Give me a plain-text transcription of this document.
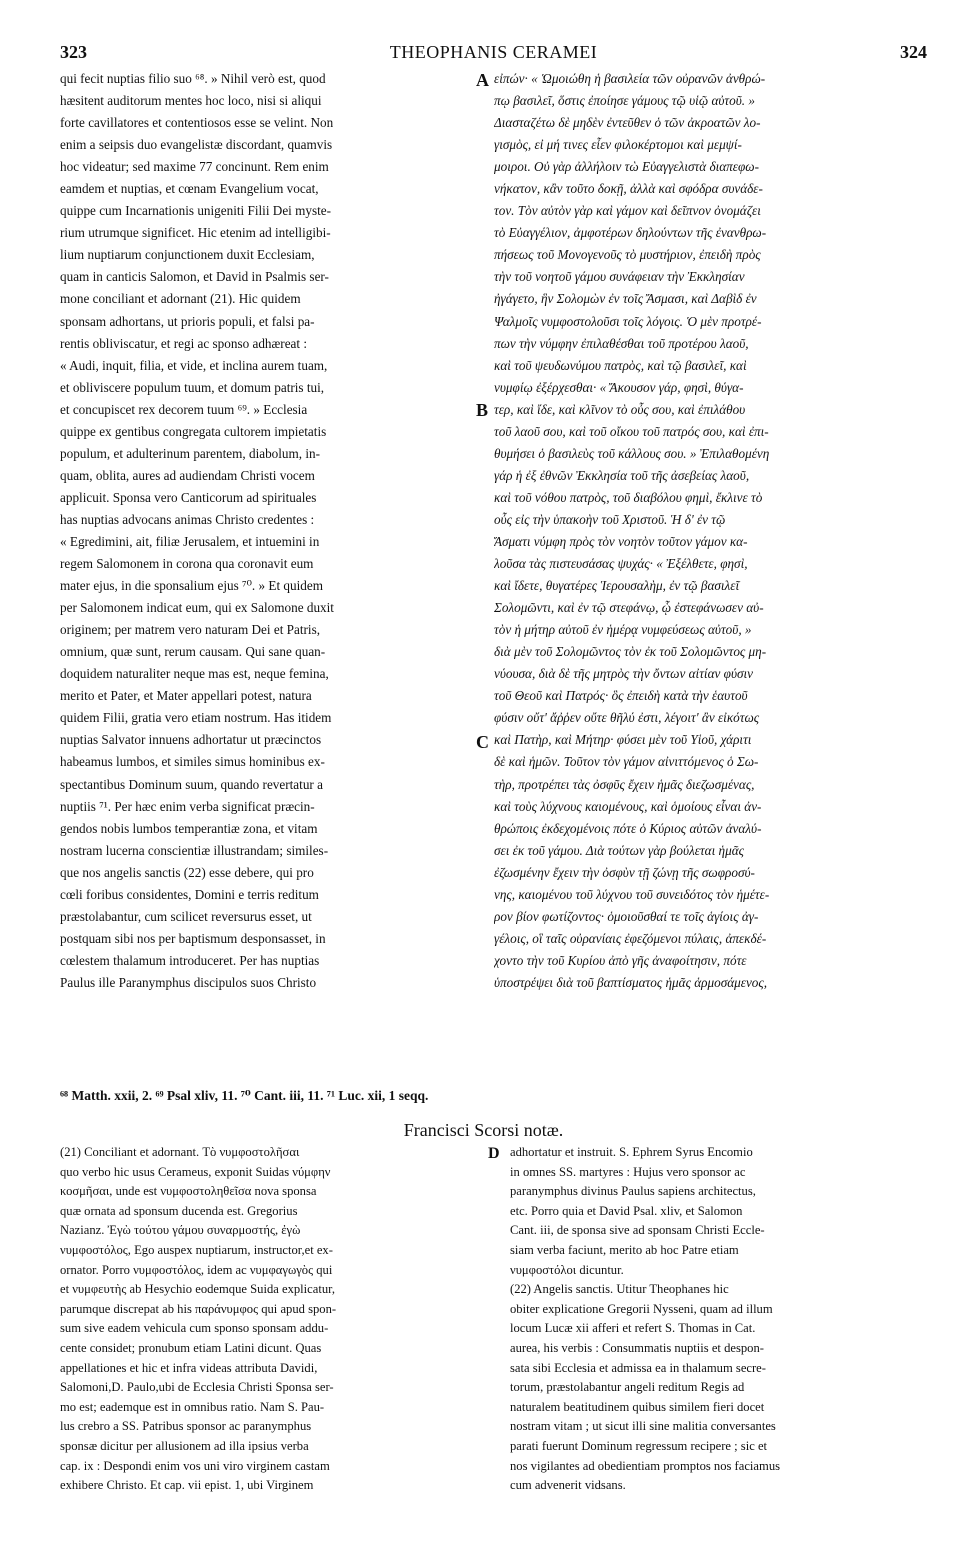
323	THEOPHANIS CERAMEI	324
qui fecit nuptias filio suo ⁶⁸. » Nihil verò est, quod
hæsitent auditorum mentes hoc loco, nisi si aliqui
forte cavillatores et contentiosos esse se velint. Non
enim a seipsis duo evangelistæ discordant, quamvis
hoc videatur; sed maxime 77 concinunt. Rem enim
eamdem et nuptias, et cœnam Evangelium vocat,
quippe cum Incarnationis unigeniti Filii Dei myste-
rium utrumque significet. Hic etenim ad intelligibi-
lium nuptiarum conjunctionem duxit Ecclesiam,
quam in canticis Salomon, et David in Psalmis ser-
mone conciliant et adornant (21). Hic quidem
sponsam adhortans, ut prioris populi, et falsi pa-
rentis obliviscatur, et regi ac sponso adhæreat :
« Audi, inquit, filia, et vide, et inclina aurem tuam,
et obliviscere populum tuum, et domum patris tui,
et concupiscet rex decorem tuum ⁶⁹. » Ecclesia
quippe ex gentibus congregata cultorem impietatis
populum, et adulterinum parentem, diabolum, in-
quam, oblita, aures ad audiendam Christi vocem
applicuit. Sponsa vero Canticorum ad spirituales
has nuptias advocans animas Christo credentes :
« Egredimini, ait, filiæ Jerusalem, et intuemini in
regem Salomonem in corona qua coronavit eum
mater ejus, in die sponsalium ejus ⁷⁰. » Et quidem
per Salomonem indicat eum, qui ex Salomone duxit
originem; per matrem vero naturam Dei et Patris,
omnium, quæ sunt, rerum causam. Qui sane quan-
doquidem naturaliter neque mas est, neque femina,
merito et Pater, et Mater appellari potest, natura
quidem Filii, gratia vero etiam nostrum. Has itidem
nuptias Salvator innuens adhortatur ut præcinctos
habeamus lumbos, et similes simus hominibus ex-
spectantibus Dominum suum, quando revertatur a
nuptiis ⁷¹. Per hæc enim verba significat præcin-
gendos nobis lumbos temperantiæ zona, et vitam
nostram lucerna conscientiæ illustrandam; similes-
que nos angelis sanctis (22) esse debere, qui pro
cœli foribus considentes, Domini e terris reditum
præstolabantur, cum scilicet reversurus esset, ut
postquam sibi nos per baptismum desponsasset, in
cœlestem thalamum introduceret. Per has nuptias
Paulus ille Paranymphus discipulos suos Christo
εἰπών· « Ὡμοιώθη ἡ βασιλεία τῶν οὐρανῶν ἀνθρώ-
πῳ βασιλεῖ, ὅστις ἐποίησε γάμους τῷ υἱῷ αὐτοῦ. »
Διασταζέτω δὲ μηδὲν ἐντεῦθεν ὁ τῶν ἀκροατῶν λο-
γισμὸς, εἰ μή τινες εἶεν φιλοκέρτομοι καὶ μεμψί-
μοιροι. Οὐ γὰρ ἀλλήλοιν τὼ Εὐαγγελιστὰ διαπεφω-
νήκατον, κἂν τοῦτο δοκῇ, ἀλλὰ καὶ σφόδρα συνάδε-
τον. Τὸν αὐτὸν γὰρ καὶ γάμον καὶ δεῖπνον ὀνομάζει
τὸ Εὐαγγέλιον, ἀμφοτέρων δηλούντων τῆς ἐνανθρω-
πήσεως τοῦ Μονογενοῦς τὸ μυστήριον, ἐπειδὴ πρὸς
τὴν τοῦ νοητοῦ γάμου συνάφειαν τὴν Ἐκκλησίαν
ἠγάγετο, ἣν Σολομὼν ἐν τοῖς Ἄσμασι, καὶ Δαβὶδ ἐν
Ψαλμοῖς νυμφοστολοῦσι τοῖς λόγοις. Ὁ μὲν προτρέ-
πων τὴν νύμφην ἐπιλαθέσθαι τοῦ προτέρου λαοῦ,
καὶ τοῦ ψευδωνύμου πατρὸς, καὶ τῷ βασιλεῖ, καὶ
νυμφίῳ ἐξέρχεσθαι· « Ἄκουσον γάρ, φησὶ, θύγα-
τερ, καὶ ἴδε, καὶ κλῖνον τὸ οὖς σου, καὶ ἐπιλάθου
τοῦ λαοῦ σου, καὶ τοῦ οἴκου τοῦ πατρός σου, καὶ ἐπι-
θυμήσει ὁ βασιλεὺς τοῦ κάλλους σου. » Ἐπιλαθομένη
γάρ ἡ ἐξ ἐθνῶν Ἐκκλησία τοῦ τῆς ἀσεβείας λαοῦ,
καὶ τοῦ νόθου πατρὸς, τοῦ διαβόλου φημὶ, ἔκλινε τὸ
οὖς εἰς τὴν ὑπακοὴν τοῦ Χριστοῦ. Ἡ δ' ἐν τῷ
Ἄσματι νύμφη πρὸς τὸν νοητὸν τοῦτον γάμον κα-
λοῦσα τὰς πιστευσάσας ψυχάς· « Ἐξέλθετε, φησὶ,
καὶ ἴδετε, θυγατέρες Ἱερουσαλὴμ, ἐν τῷ βασιλεῖ
Σολομῶντι, καὶ ἐν τῷ στεφάνῳ, ᾧ ἐστεφάνωσεν αὐ-
τὸν ἡ μήτηρ αὐτοῦ ἐν ἡμέρᾳ νυμφεύσεως αὐτοῦ, »
διὰ μὲν τοῦ Σολομῶντος τὸν ἐκ τοῦ Σολομῶντος μη-
νύουσα, διὰ δὲ τῆς μητρὸς τὴν ὄντων αἰτίαν φύσιν
τοῦ Θεοῦ καὶ Πατρός· ὃς ἐπειδὴ κατὰ τὴν ἑαυτοῦ
φύσιν οὔτ' ἄῤῥεν οὔτε θῆλύ ἐστι, λέγοιτ' ἂν εἰκότως
καὶ Πατὴρ, καὶ Μήτηρ· φύσει μὲν τοῦ Υἱοῦ, χάριτι
δὲ καὶ ἡμῶν. Τοῦτον τὸν γάμον αἰνιττόμενος ὁ Σω-
τὴρ, προτρέπει τὰς ὀσφῦς ἔχειν ἡμᾶς διεζωσμένας,
καὶ τοὺς λύχνους καιομένους, καὶ ὁμοίους εἶναι ἀν-
θρώποις ἐκδεχομένοις πότε ὁ Κύριος αὐτῶν ἀναλύ-
σει ἐκ τοῦ γάμου. Διὰ τούτων γὰρ βούλεται ἡμᾶς
ἐζωσμένην ἔχειν τὴν ὀσφὺν τῇ ζώνῃ τῆς σωφροσύ-
νης, καιομένου τοῦ λύχνου τοῦ συνειδότος τὸν ἡμέτε-
ρον βίον φωτίζοντος· ὁμοιοῦσθαί τε τοῖς ἁγίοις ἀγ-
γέλοις, οἳ ταῖς οὐρανίαις ἐφεζόμενοι πύλαις, ἀπεκδέ-
χοντο τὴν τοῦ Κυρίου ἀπὸ γῆς ἀναφοίτησιν, πότε
ὑποστρέψει διὰ τοῦ βαπτίσματος ἡμᾶς ἁρμοσάμενος,
A
B
C
⁶⁸ Matth. xxii, 2. ⁶⁹ Psal xliv, 11. ⁷⁰ Cant. iii, 11. ⁷¹ Luc. xii, 1 seqq.
Francisci Scorsi notæ.
(21) Conciliant et adornant. Τὸ νυμφοστολῆσαι
quo verbo hic usus Cerameus, exponit Suidas νύμφην
κοσμῆσαι, unde est νυμφοστοληθεῖσα nova sponsa
quæ ornata ad sponsum ducenda est. Gregorius
Nazianz. Ἐγὼ τούτου γάμου συναρμοστής, ἐγὼ
νυμφοστόλος, Ego auspex nuptiarum, instructor,et ex-
ornator. Porro νυμφοστόλος, idem ac νυμφαγωγὸς qui
et νυμφευτὴς ab Hesychio eodemque Suida explicatur,
parumque discrepat ab his παράνυμφος qui apud spon-
sum sive eadem vehicula cum sponso sponsam addu-
cente considet; pronubum etiam Latini dicunt. Quas
appellationes et hic et infra videas attributa Davidi,
Salomoni,D. Paulo,ubi de Ecclesia Christi Sponsa ser-
mo est; eademque est in omnibus ratio. Nam S. Pau-
lus crebro a SS. Patribus sponsor ac paranymphus
sponsæ dicitur per allusionem ad illa ipsius verba
cap. ix : Despondi enim vos uni viro virginem castam
exhibere Christo. Et cap. vii epist. 1, ubi Virginem
D adhortatur et instruit. S. Ephrem Syrus Encomio
in omnes SS. martyres : Hujus vero sponsor ac
paranymphus divinus Paulus sapiens architectus,
etc. Porro quia et David Psal. xliv, et Salomon
Cant. iii, de sponsa sive ad sponsam Christi Eccle-
siam verba faciunt, merito ab hoc Patre etiam
νυμφοστόλοι dicuntur.
(22) Angelis sanctis. Utitur Theophanes hic
obiter explicatione Gregorii Nysseni, quam ad illum
locum Lucæ xii afferi et refert S. Thomas in Cat.
aurea, his verbis : Consummatis nuptiis et despon-
sata sibi Ecclesia et admissa ea in thalamum secre-
torum, præstolabantur angeli reditum Regis ad
naturalem beatitudinem quibus similem fieri docet
nostram vitam ; ut sicut illi sine malitia conversantes
parati fuerunt Dominum regressum recipere ; sic et
nos vigilantes ad obedientiam promptos nos faciamus
cum advenerit vidsans.
